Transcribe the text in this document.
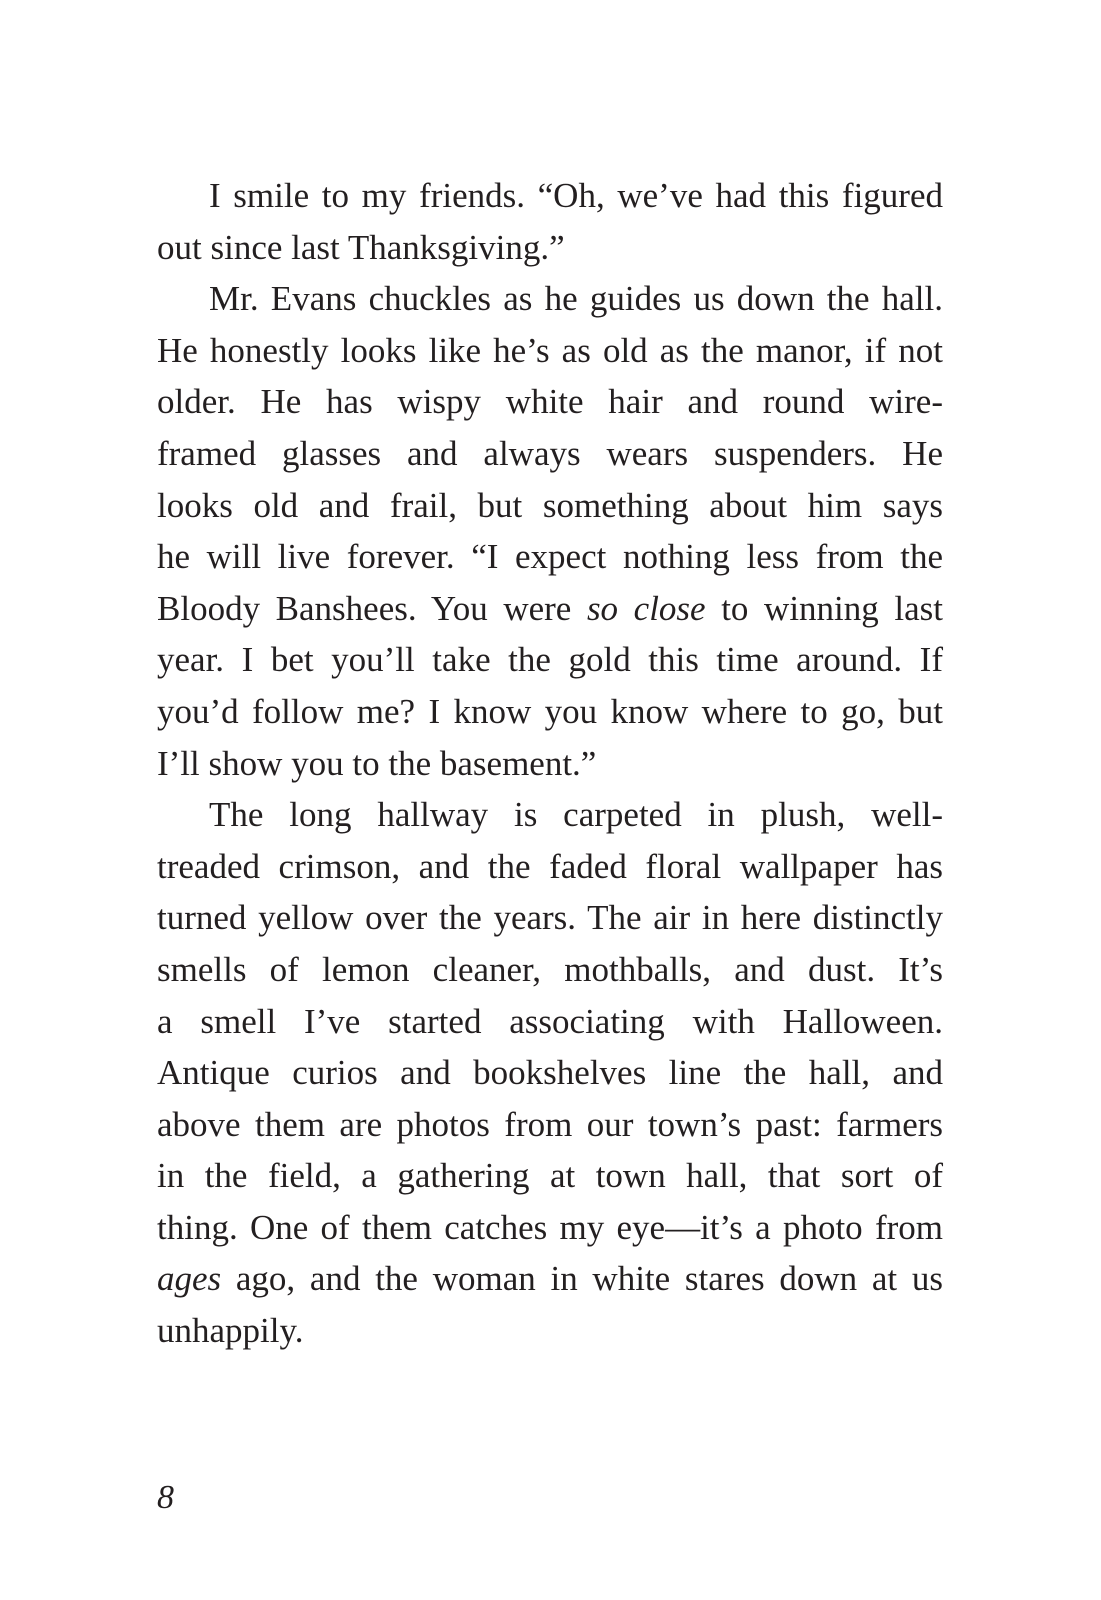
I smile to my friends. “Oh, we’ve had this figured
out since last Thanksgiving.”

Mr. Evans chuckles as he guides us down the hall.
He honestly looks like he’s as old as the manor, if not
older. He has wispy white hair and round wire-
framed glasses and always wears suspenders. He
looks old and frail, but something about him says
he will live forever. “I expect nothing less from the
Bloody Banshees. You were so close to winning last
year. I bet you’ll take the gold this time around. If
you’d follow me? I know you know where to go, but
I’ll show you to the basement.”

The long hallway is carpeted in plush, well-
treaded crimson, and the faded floral wallpaper has
turned yellow over the years. The air in here distinctly
smells of lemon cleaner, mothballs, and dust. It’s
a smell I’ve started associating with Halloween.
Antique curios and bookshelves line the hall, and
above them are photos from our town’s past: farmers
in the field, a gathering at town hall, that sort of
thing. One of them catches my eye—it’s a photo from
ages ago, and the woman in white stares down at us
unhappily.

8
